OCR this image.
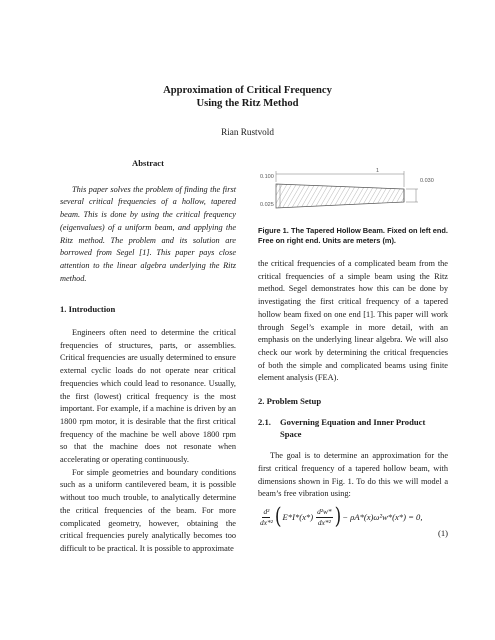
Approximation of Critical Frequency
Using the Ritz Method
Rian Rustvold
Abstract

This paper solves the problem of finding the first several critical frequencies of a hollow, tapered beam. This is done by using the critical frequency (eigenvalues) of a uniform beam, and applying the Ritz method. The problem and its solution are borrowed from Segel [1]. This paper pays close attention to the linear algebra underlying the Ritz method.

1. Introduction

Engineers often need to determine the critical frequencies of structures, parts, or assemblies. Critical frequencies are usually determined to ensure external cyclic loads do not operate near critical frequencies which could lead to resonance. Usually, the first (lowest) critical frequency is the most important. For example, if a machine is driven by an 1800 rpm motor, it is desirable that the first critical frequency of the machine be well above 1800 rpm so that the machine does not resonate when accelerating or operating continuously.

For simple geometries and boundary conditions such as a uniform cantilevered beam, it is possible without too much trouble, to analytically determine the critical frequencies of the beam. For more complicated geometry, however, obtaining the critical frequencies purely analytically becomes too difficult to be practical. It is possible to approximate

0.100
0.025
0.030
1
Figure 1. The Tapered Hollow Beam. Fixed on left end. Free on right end. Units are meters (m).

the critical frequencies of a complicated beam from the critical frequencies of a simple beam using the Ritz method. Segel demonstrates how this can be done by investigating the first critical frequency of a tapered hollow beam fixed on one end [1]. This paper will work through Segel’s example in more detail, with an emphasis on the underlying linear algebra. We will also check our work by determining the critical frequencies of both the simple and complicated beams using finite element analysis (FEA).

2. Problem Setup
2.1.	Governing Equation and Inner Product Space

The goal is to determine an approximation for the first critical frequency of a tapered hollow beam, with dimensions shown in Fig. 1. To do this we will model a beam’s free vibration using:

$\frac{\text{d²}}{\text{dx*²}}$ ( $E*I*(x*) \frac{\text{d²w*}}{\text{dx*²}}$ ) − ρA*(x)ω²w*(x*) = 0,
(1)
